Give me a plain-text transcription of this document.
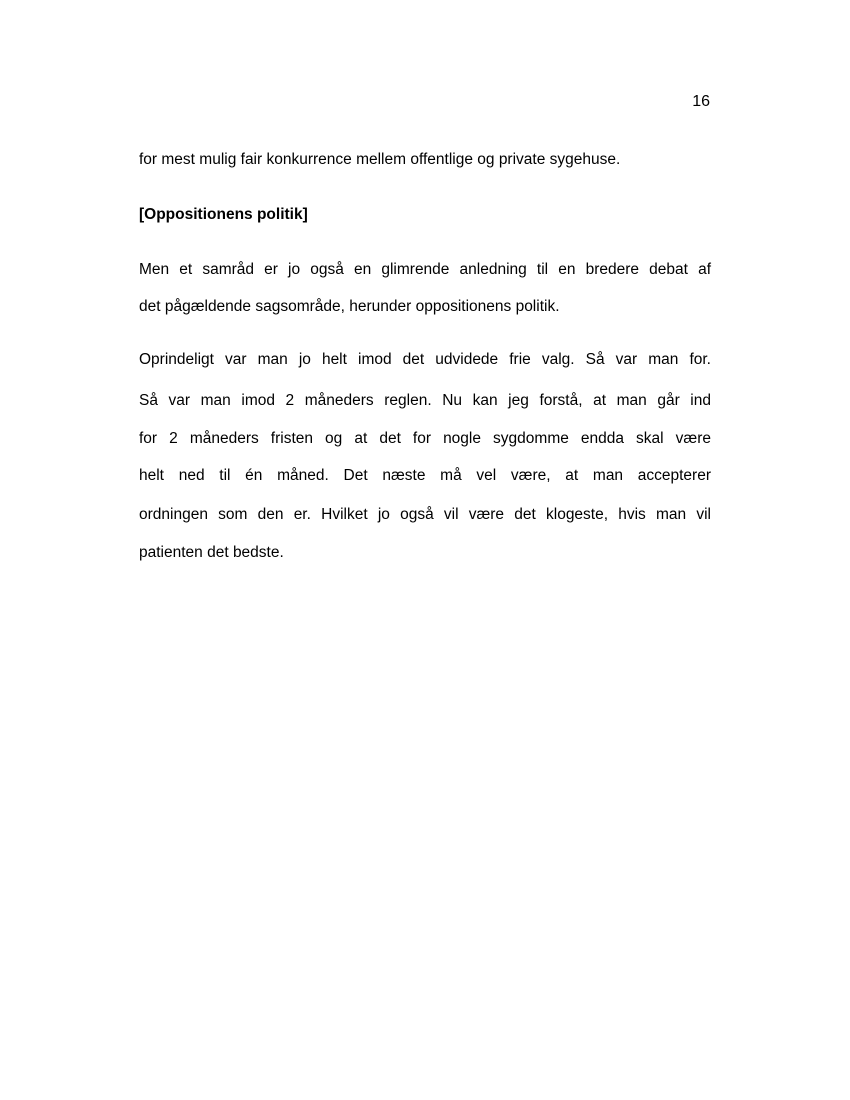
16
for mest mulig fair konkurrence mellem offentlige og private sygehuse.
[Oppositionens politik]
Men et samråd er jo også en glimrende anledning til en bredere debat af
det pågældende sagsområde, herunder oppositionens politik.
Oprindeligt var man jo helt imod det udvidede frie valg. Så var man for.
Så var man imod 2 måneders reglen. Nu kan jeg forstå, at man går ind
for 2 måneders fristen og at det for nogle sygdomme endda skal være
helt ned til én måned. Det næste må vel være, at man accepterer
ordningen som den er. Hvilket jo også vil være det klogeste, hvis man vil
patienten det bedste.
